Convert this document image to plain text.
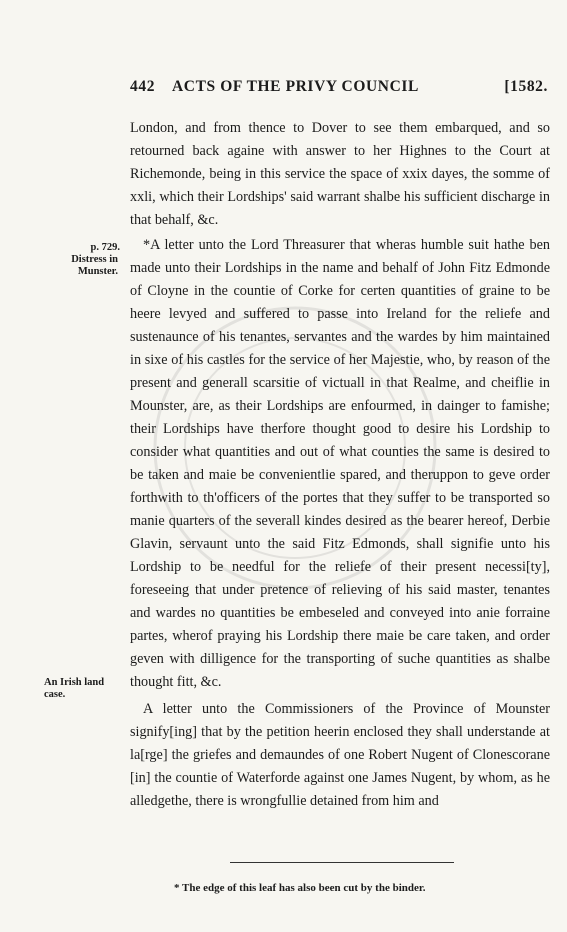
442 ACTS OF THE PRIVY COUNCIL	[1582.
p. 729.
Distress in Munster.
An Irish land case.

London, and from thence to Dover to see them embarqued, and so retourned back againe with answer to her Highnes to the Court at Richemonde, being in this service the space of xxix dayes, the somme of xxli, which their Lordships' said warrant shalbe his sufficient discharge in that behalf, &c.

*A letter unto the Lord Threasurer that wheras humble suit hathe ben made unto their Lordships in the name and behalf of John Fitz Edmonde of Cloyne in the countie of Corke for certen quantities of graine to be heere levyed and suffered to passe into Ireland for the reliefe and sustenaunce of his tenantes, servantes and the wardes by him maintained in sixe of his castles for the service of her Majestie, who, by reason of the present and generall scarsitie of victuall in that Realme, and cheiflie in Mounster, are, as their Lordships are enfourmed, in dainger to famishe; their Lordships have therfore thought good to desire his Lordship to consider what quantities and out of what counties the same is desired to be taken and maie be convenientlie spared, and theruppon to geve order forthwith to th'officers of the portes that they suffer to be transported so manie quarters of the severall kindes desired as the bearer hereof, Derbie Glavin, servaunt unto the said Fitz Edmonds, shall signifie unto his Lordship to be needful for the reliefe of their present necessi[ty], foreseeing that under pretence of relieving of his said master, tenantes and wardes no quantities be embeseled and conveyed into anie forraine partes, wherof praying his Lordship there maie be care taken, and order geven with dilligence for the transporting of suche quantities as shalbe thought fitt, &c.

A letter unto the Commissioners of the Province of Mounster signify[ing] that by the petition heerin enclosed they shall understande at la[rge] the griefes and demaundes of one Robert Nugent of Clonescorane [in] the countie of Waterforde against one James Nugent, by whom, as he alledgethe, there is wrongfullie detained from him and

* The edge of this leaf has also been cut by the binder.
